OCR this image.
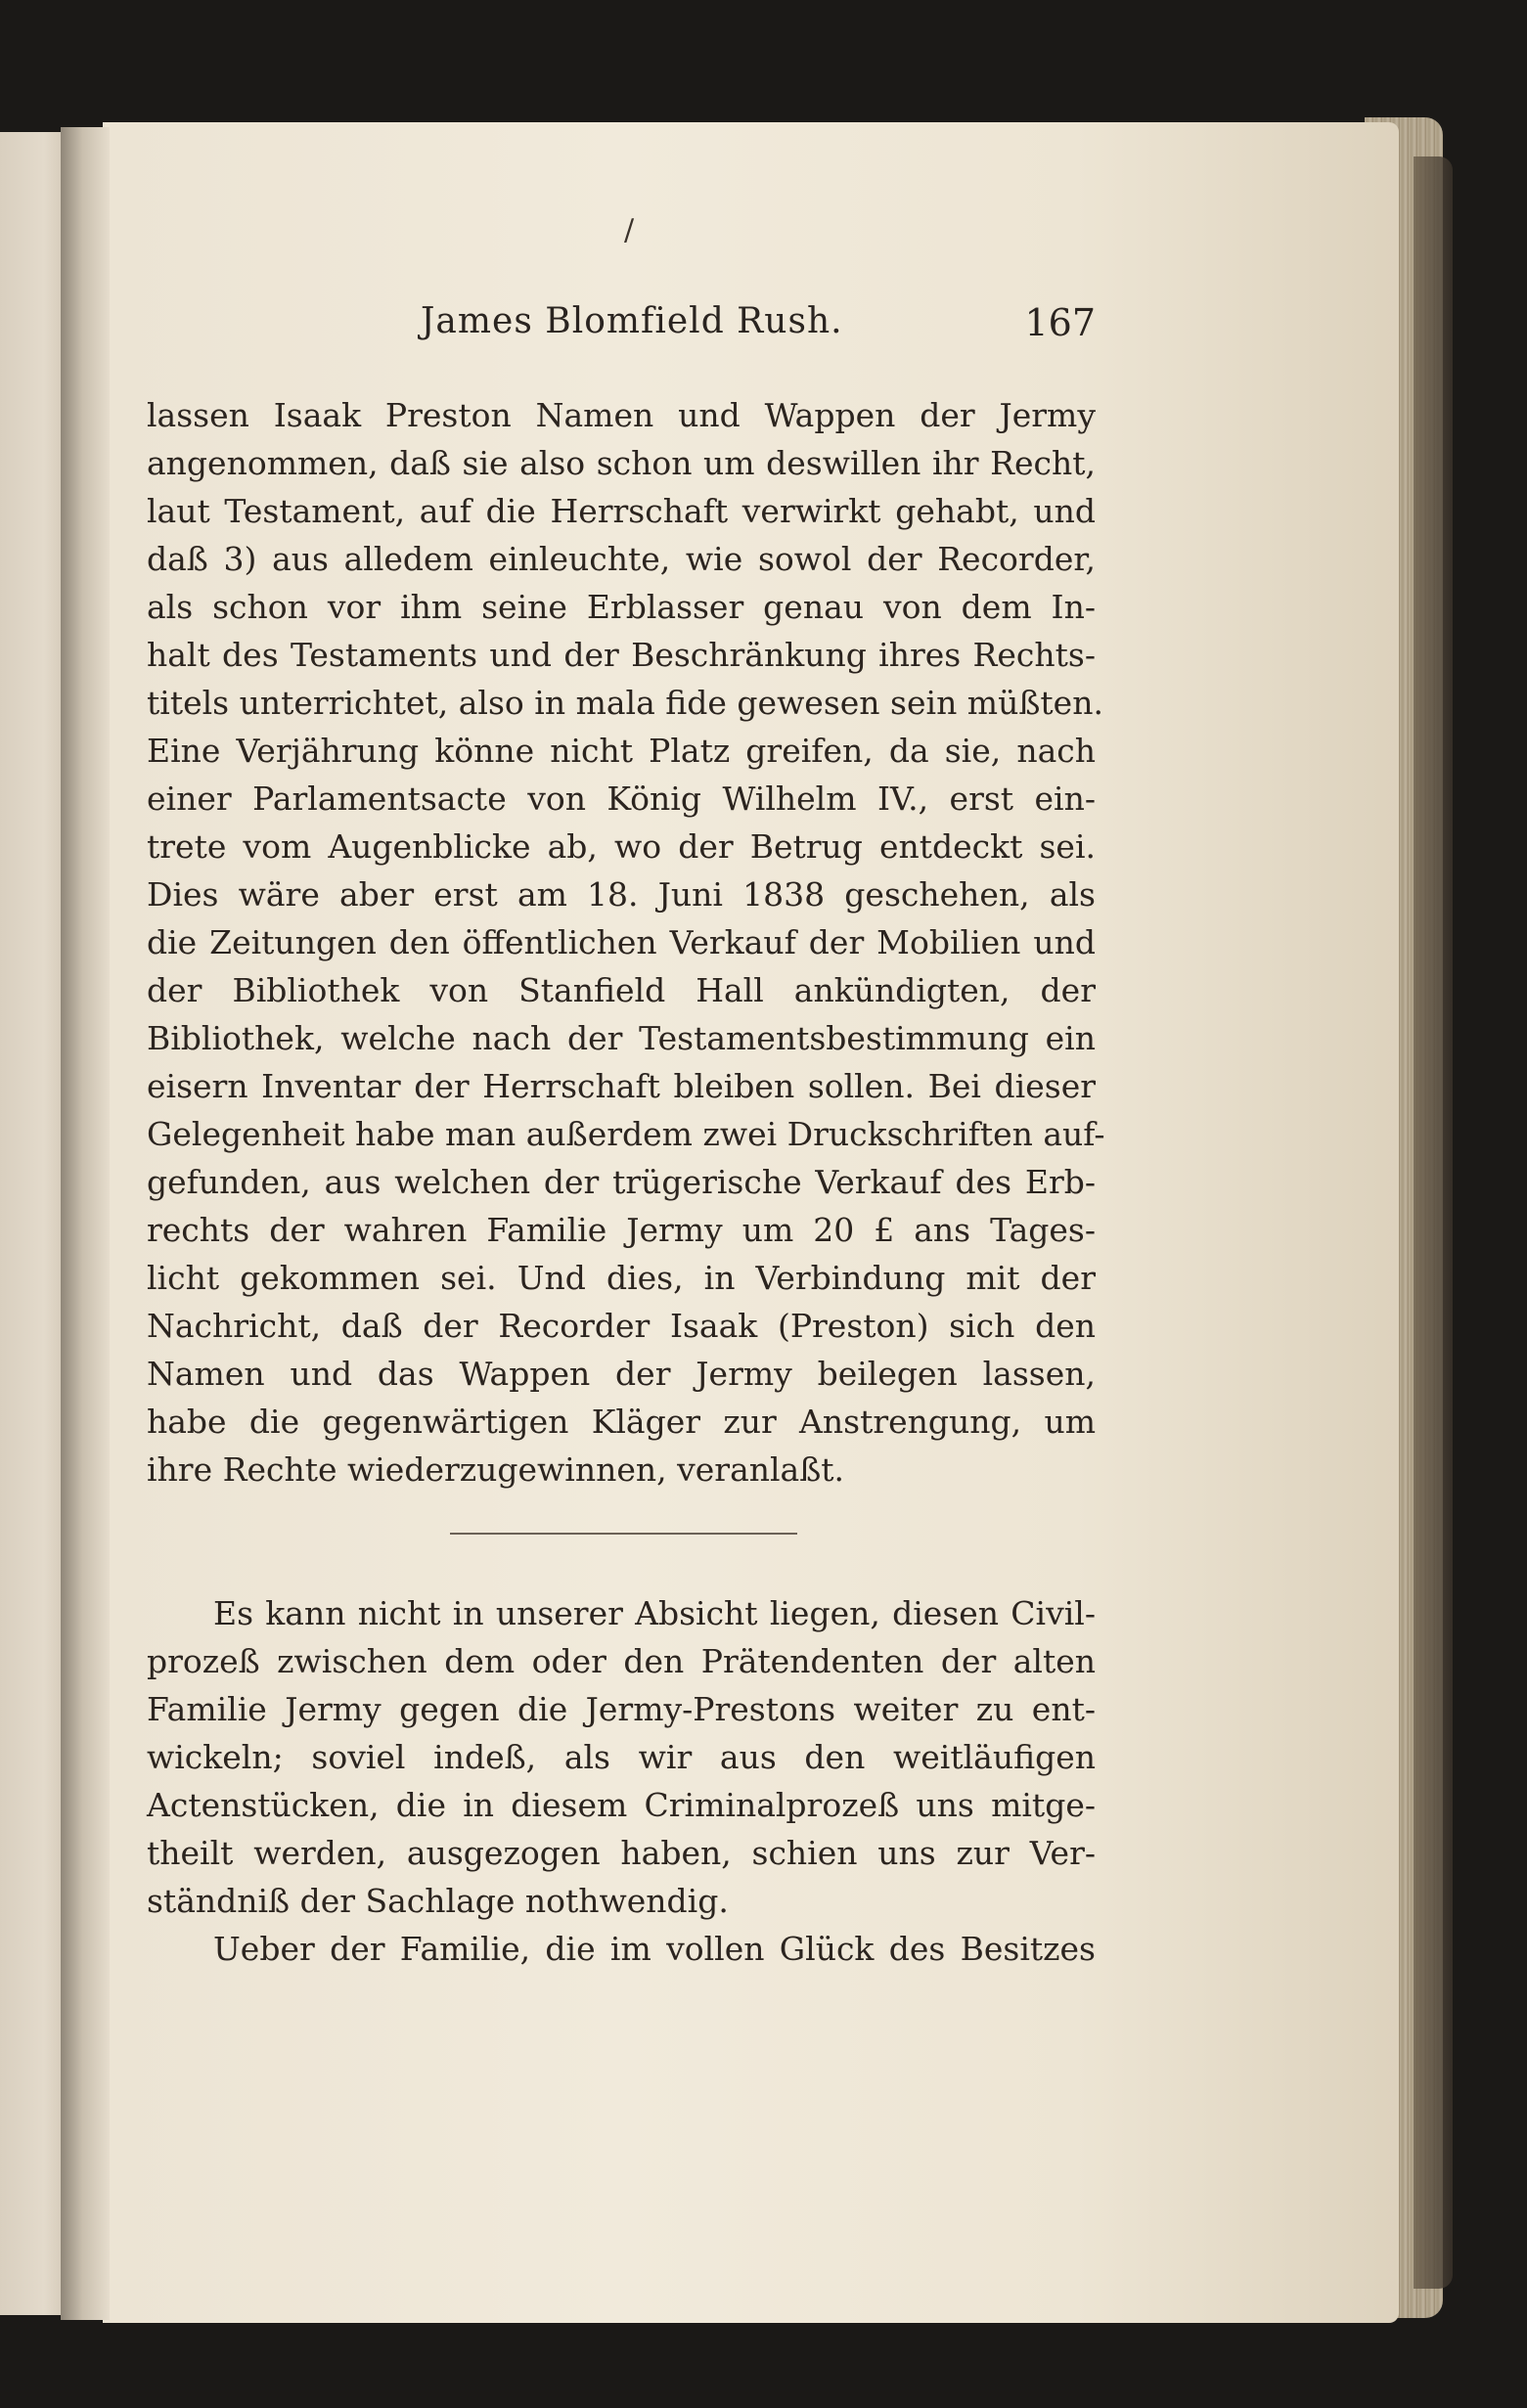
/
James Blomfield Rush.	167
lassen Isaak Preston Namen und Wappen der Jermy
angenommen, daß sie also schon um deswillen ihr Recht,
laut Testament, auf die Herrschaft verwirkt gehabt, und
daß 3) aus alledem einleuchte, wie sowol der Recorder,
als schon vor ihm seine Erblasser genau von dem In-
halt des Testaments und der Beschränkung ihres Rechts-
titels unterrichtet, also in mala fide gewesen sein müßten.
Eine Verjährung könne nicht Platz greifen, da sie, nach
einer Parlamentsacte von König Wilhelm IV., erst ein-
trete vom Augenblicke ab, wo der Betrug entdeckt sei.
Dies wäre aber erst am 18. Juni 1838 geschehen, als
die Zeitungen den öffentlichen Verkauf der Mobilien und
der Bibliothek von Stanfield Hall ankündigten, der
Bibliothek, welche nach der Testamentsbestimmung ein
eisern Inventar der Herrschaft bleiben sollen. Bei dieser
Gelegenheit habe man außerdem zwei Druckschriften auf-
gefunden, aus welchen der trügerische Verkauf des Erb-
rechts der wahren Familie Jermy um 20 £ ans Tages-
licht gekommen sei. Und dies, in Verbindung mit der
Nachricht, daß der Recorder Isaak (Preston) sich den
Namen und das Wappen der Jermy beilegen lassen,
habe die gegenwärtigen Kläger zur Anstrengung, um
ihre Rechte wiederzugewinnen, veranlaßt.
Es kann nicht in unserer Absicht liegen, diesen Civil-
prozeß zwischen dem oder den Prätendenten der alten
Familie Jermy gegen die Jermy-Prestons weiter zu ent-
wickeln; soviel indeß, als wir aus den weitläufigen
Actenstücken, die in diesem Criminalprozeß uns mitge-
theilt werden, ausgezogen haben, schien uns zur Ver-
ständniß der Sachlage nothwendig.
Ueber der Familie, die im vollen Glück des Besitzes
